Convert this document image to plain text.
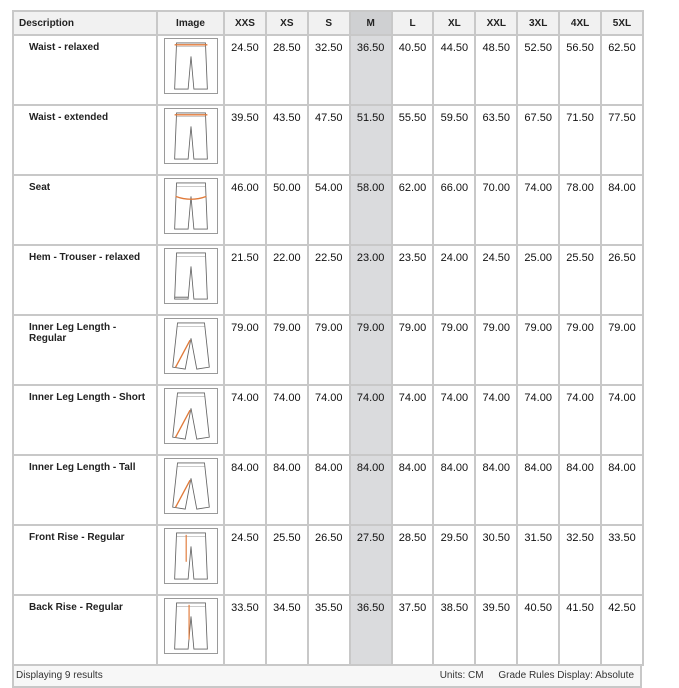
Description	Image	XXS	XS	S	M	L	XL	XXL	3XL	4XL	5XL
Waist - relaxed		24.50	28.50	32.50	36.50	40.50	44.50	48.50	52.50	56.50	62.50
Waist - extended		39.50	43.50	47.50	51.50	55.50	59.50	63.50	67.50	71.50	77.50
Seat		46.00	50.00	54.00	58.00	62.00	66.00	70.00	74.00	78.00	84.00
Hem - Trouser - relaxed		21.50	22.00	22.50	23.00	23.50	24.00	24.50	25.00	25.50	26.50
Inner Leg Length - Regular		79.00	79.00	79.00	79.00	79.00	79.00	79.00	79.00	79.00	79.00
Inner Leg Length - Short		74.00	74.00	74.00	74.00	74.00	74.00	74.00	74.00	74.00	74.00
Inner Leg Length - Tall		84.00	84.00	84.00	84.00	84.00	84.00	84.00	84.00	84.00	84.00
Front Rise - Regular		24.50	25.50	26.50	27.50	28.50	29.50	30.50	31.50	32.50	33.50
Back Rise - Regular		33.50	34.50	35.50	36.50	37.50	38.50	39.50	40.50	41.50	42.50
Displaying 9 results	Units: CM Grade Rules Display: Absolute
